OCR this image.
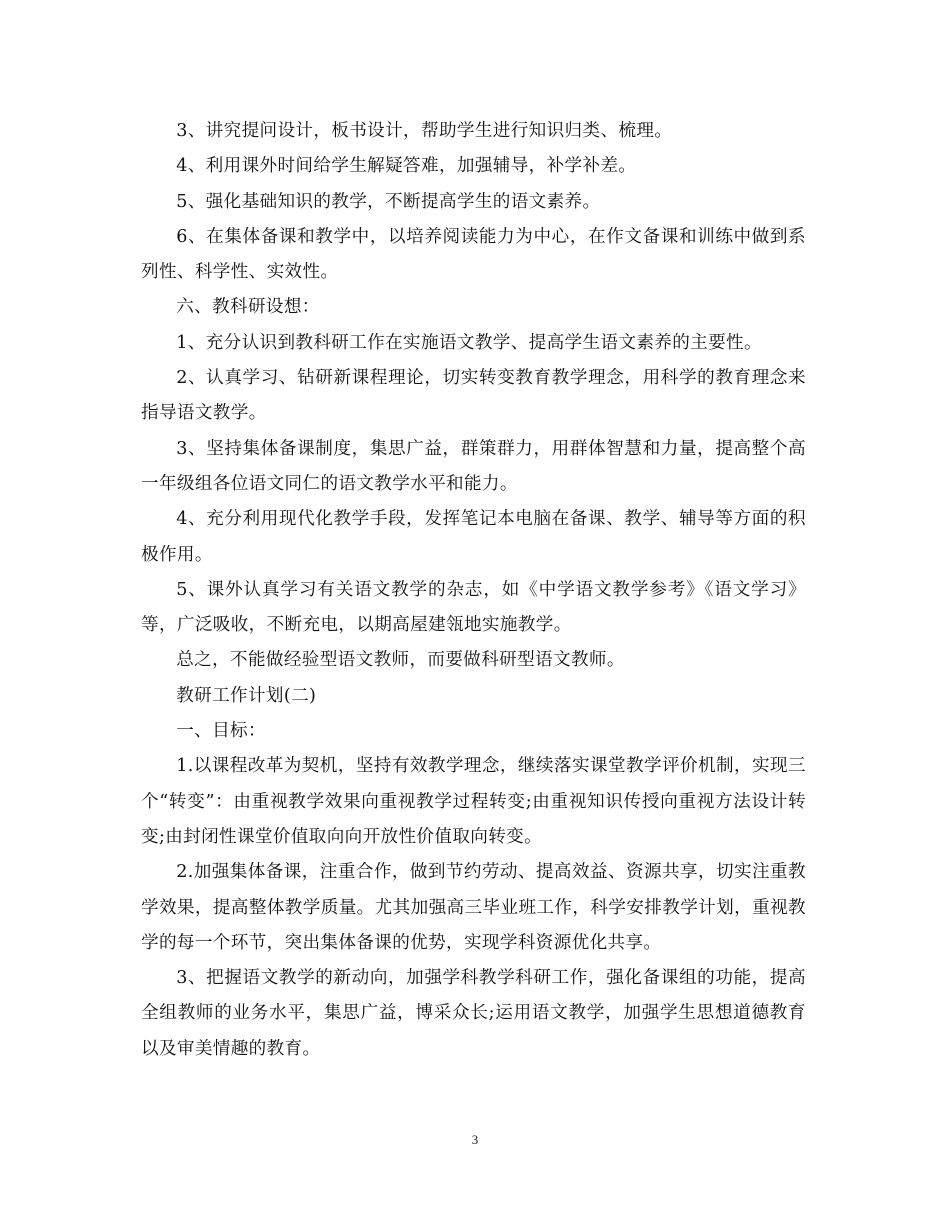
3、讲究提问设计，板书设计，帮助学生进行知识归类、梳理。

4、利用课外时间给学生解疑答难，加强辅导，补学补差。

5、强化基础知识的教学，不断提高学生的语文素养。

6、在集体备课和教学中，以培养阅读能力为中心，在作文备课和训练中做到系列性、科学性、实效性。

六、教科研设想：

1、充分认识到教科研工作在实施语文教学、提高学生语文素养的主要性。

2、认真学习、钻研新课程理论，切实转变教育教学理念，用科学的教育理念来指导语文教学。

3、坚持集体备课制度，集思广益，群策群力，用群体智慧和力量，提高整个高一年级组各位语文同仁的语文教学水平和能力。

4、充分利用现代化教学手段，发挥笔记本电脑在备课、教学、辅导等方面的积极作用。

5、课外认真学习有关语文教学的杂志，如《中学语文教学参考》《语文学习》等，广泛吸收，不断充电，以期高屋建瓴地实施教学。

总之，不能做经验型语文教师，而要做科研型语文教师。

教研工作计划(二)

一、目标：

1.以课程改革为契机，坚持有效教学理念，继续落实课堂教学评价机制，实现三个“转变”：由重视教学效果向重视教学过程转变;由重视知识传授向重视方法设计转变;由封闭性课堂价值取向向开放性价值取向转变。

2.加强集体备课，注重合作，做到节约劳动、提高效益、资源共享，切实注重教学效果，提高整体教学质量。尤其加强高三毕业班工作，科学安排教学计划，重视教学的每一个环节，突出集体备课的优势，实现学科资源优化共享。

3、把握语文教学的新动向，加强学科教学科研工作，强化备课组的功能，提高全组教师的业务水平，集思广益，博采众长;运用语文教学，加强学生思想道德教育以及审美情趣的教育。

3
